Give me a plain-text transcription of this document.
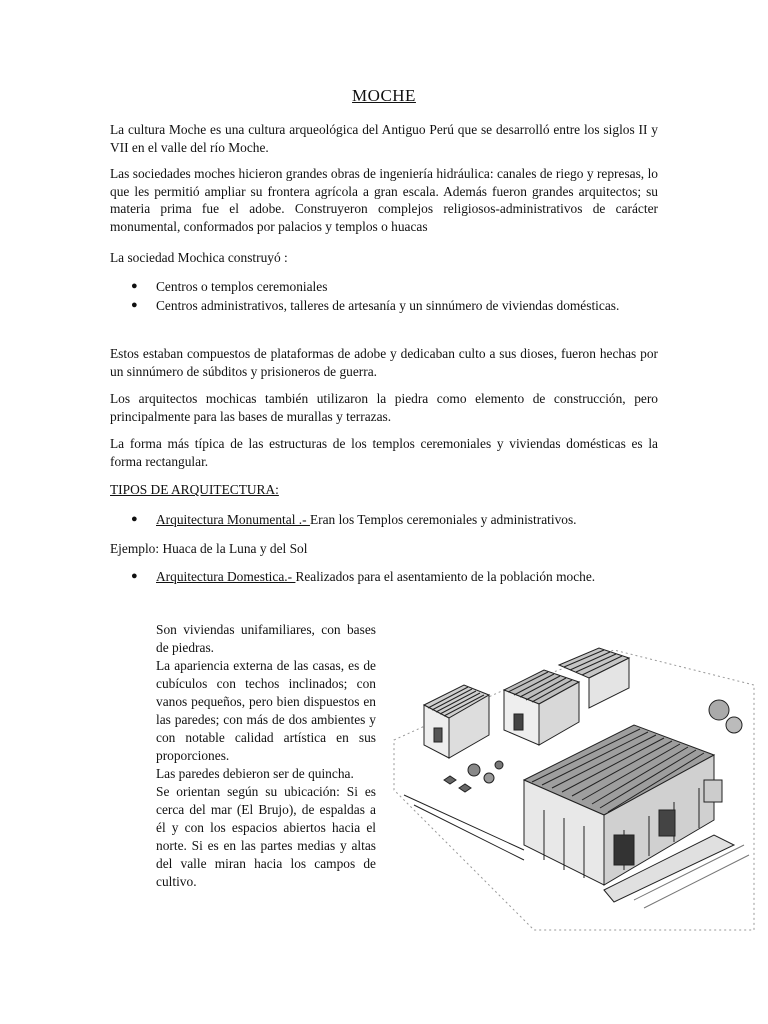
MOCHE

La cultura Moche es una cultura arqueológica del Antiguo Perú que se desarrolló entre los siglos II y VII en el valle del río Moche.

Las sociedades moches hicieron grandes obras de ingeniería hidráulica: canales de riego y represas, lo que les permitió ampliar su frontera agrícola a gran escala. Además fueron grandes arquitectos; su materia prima fue el adobe. Construyeron complejos religiosos-administrativos de carácter monumental, conformados por palacios y templos o huacas

La sociedad Mochica construyó :

● Centros o templos ceremoniales

● Centros administrativos, talleres de artesanía y un sinnúmero de viviendas domésticas.

Estos estaban compuestos de plataformas de adobe y dedicaban culto a sus dioses, fueron hechas por un sinnúmero de súbditos y prisioneros de guerra.

Los arquitectos mochicas también utilizaron la piedra como elemento de construcción, pero principalmente para las bases de murallas y terrazas.

La forma más típica de las estructuras de los templos ceremoniales y viviendas domésticas es la forma rectangular.

TIPOS DE ARQUITECTURA:

● Arquitectura Monumental .- Eran los Templos ceremoniales y administrativos.

Ejemplo: Huaca de la Luna y del Sol

● Arquitectura Domestica.- Realizados para el asentamiento de la población moche.

Son viviendas unifamiliares, con bases de piedras.

La apariencia externa de las casas, es de cubículos con techos inclinados; con vanos pequeños, pero bien dispuestos en las paredes; con más de dos ambientes y con notable calidad artística en sus proporciones.

Las paredes debieron ser de quincha.

Se orientan según su ubicación: Si es cerca del mar (El Brujo), de espaldas a él y con los espacios abiertos hacia el norte. Si es en las partes medias y altas del valle miran hacia los campos de cultivo.
